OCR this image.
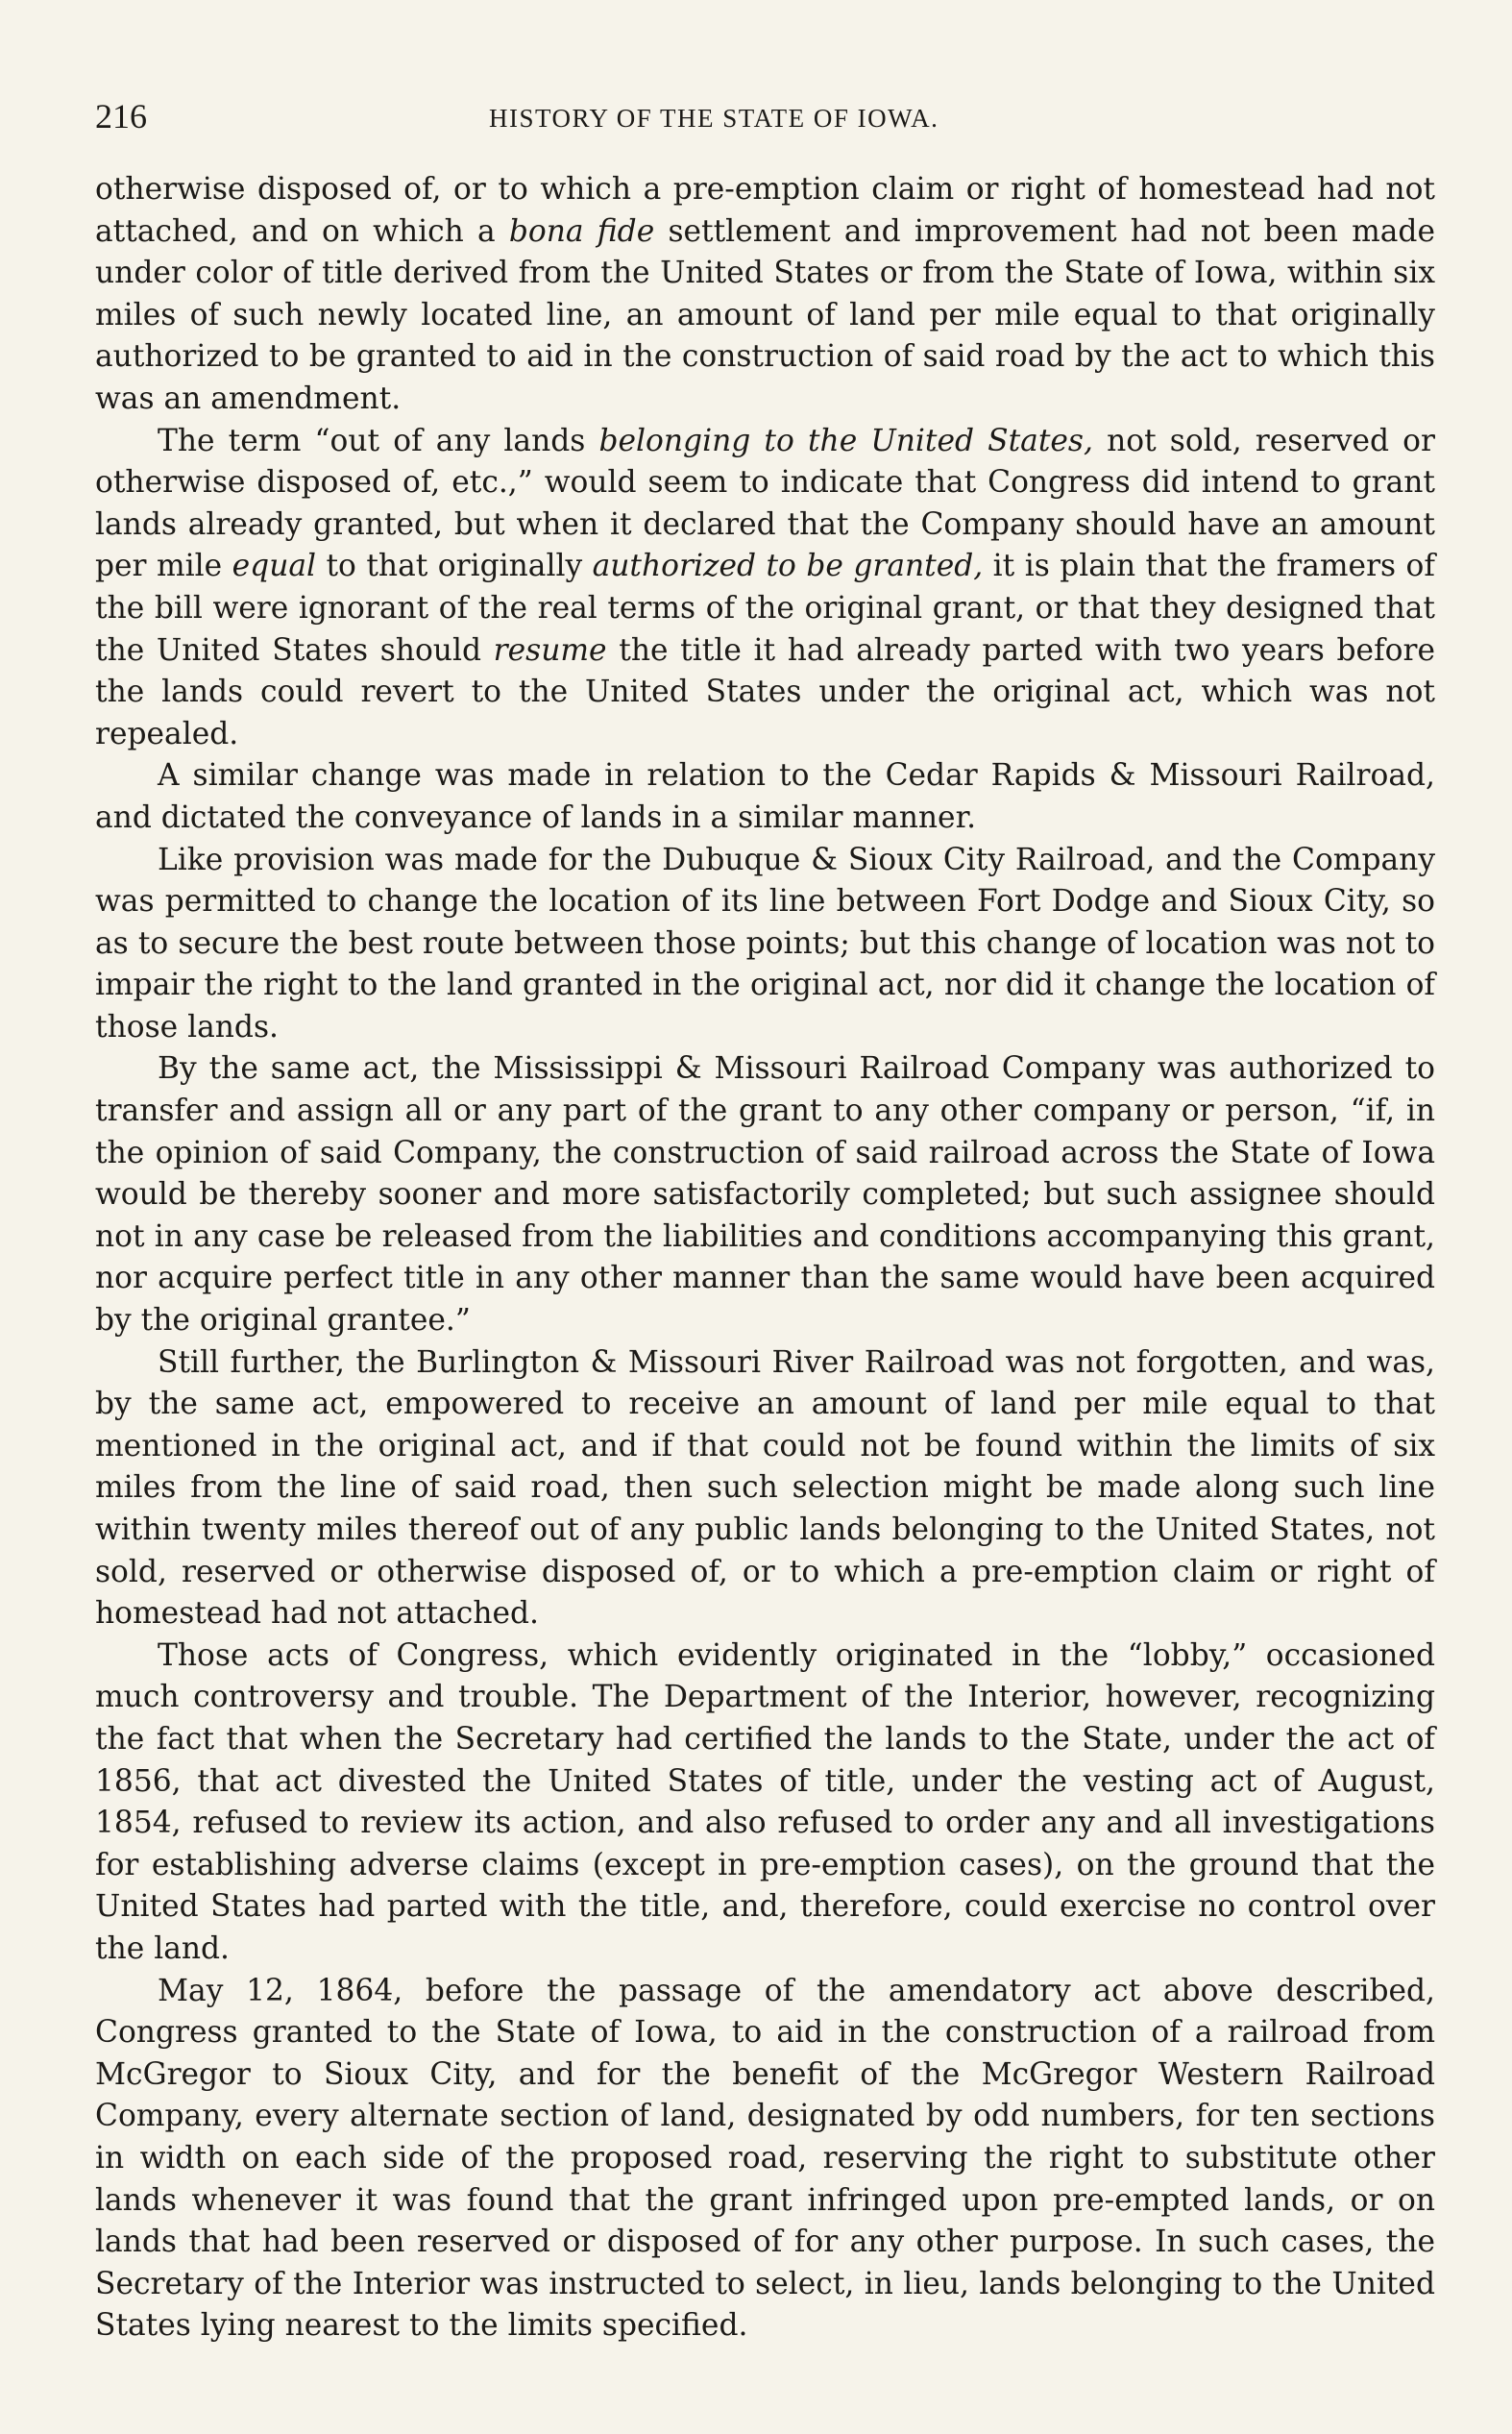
216	HISTORY OF THE STATE OF IOWA.

otherwise disposed of, or to which a pre-emption claim or right of homestead had not attached, and on which a bona fide settlement and improvement had not been made under color of title derived from the United States or from the State of Iowa, within six miles of such newly located line, an amount of land per mile equal to that originally authorized to be granted to aid in the construction of said road by the act to which this was an amendment.

The term “out of any lands belonging to the United States, not sold, reserved or otherwise disposed of, etc.,” would seem to indicate that Congress did intend to grant lands already granted, but when it declared that the Company should have an amount per mile equal to that originally authorized to be granted, it is plain that the framers of the bill were ignorant of the real terms of the original grant, or that they designed that the United States should resume the title it had already parted with two years before the lands could revert to the United States under the original act, which was not repealed.

A similar change was made in relation to the Cedar Rapids & Missouri Railroad, and dictated the conveyance of lands in a similar manner.

Like provision was made for the Dubuque & Sioux City Railroad, and the Company was permitted to change the location of its line between Fort Dodge and Sioux City, so as to secure the best route between those points; but this change of location was not to impair the right to the land granted in the original act, nor did it change the location of those lands.

By the same act, the Mississippi & Missouri Railroad Company was authorized to transfer and assign all or any part of the grant to any other company or person, “if, in the opinion of said Company, the construction of said railroad across the State of Iowa would be thereby sooner and more satisfactorily completed; but such assignee should not in any case be released from the liabilities and conditions accompanying this grant, nor acquire perfect title in any other manner than the same would have been acquired by the original grantee.”

Still further, the Burlington & Missouri River Railroad was not forgotten, and was, by the same act, empowered to receive an amount of land per mile equal to that mentioned in the original act, and if that could not be found within the limits of six miles from the line of said road, then such selection might be made along such line within twenty miles thereof out of any public lands belonging to the United States, not sold, reserved or otherwise disposed of, or to which a pre-emption claim or right of homestead had not attached.

Those acts of Congress, which evidently originated in the “lobby,” occasioned much controversy and trouble. The Department of the Interior, however, recognizing the fact that when the Secretary had certified the lands to the State, under the act of 1856, that act divested the United States of title, under the vesting act of August, 1854, refused to review its action, and also refused to order any and all investigations for establishing adverse claims (except in pre-emption cases), on the ground that the United States had parted with the title, and, therefore, could exercise no control over the land.

May 12, 1864, before the passage of the amendatory act above described, Congress granted to the State of Iowa, to aid in the construction of a railroad from McGregor to Sioux City, and for the benefit of the McGregor Western Railroad Company, every alternate section of land, designated by odd numbers, for ten sections in width on each side of the proposed road, reserving the right to substitute other lands whenever it was found that the grant infringed upon pre-empted lands, or on lands that had been reserved or disposed of for any other purpose. In such cases, the Secretary of the Interior was instructed to select, in lieu, lands belonging to the United States lying nearest to the limits specified.
